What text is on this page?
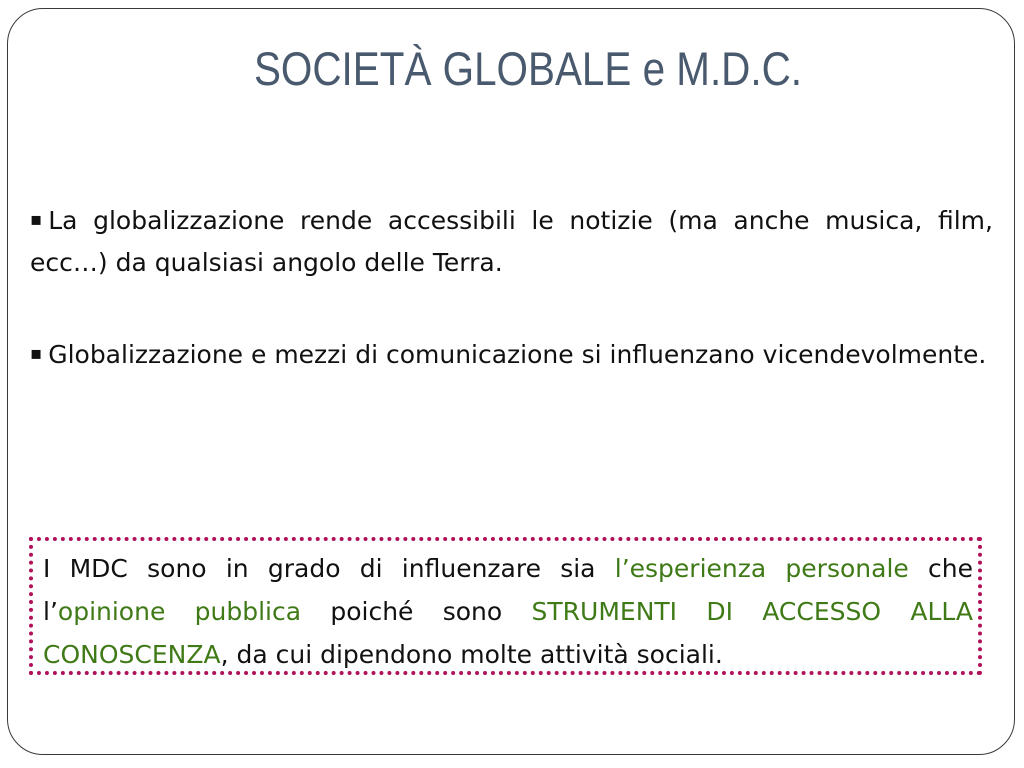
SOCIETÀ GLOBALE e M.D.C.
▪ La globalizzazione rende accessibili le notizie (ma anche musica, film, ecc…) da qualsiasi angolo delle Terra.
▪ Globalizzazione e mezzi di comunicazione si influenzano vicendevolmente.
I MDC sono in grado di influenzare sia l’esperienza personale che l’opinione pubblica poiché sono STRUMENTI DI ACCESSO ALLA CONOSCENZA, da cui dipendono molte attività sociali.
